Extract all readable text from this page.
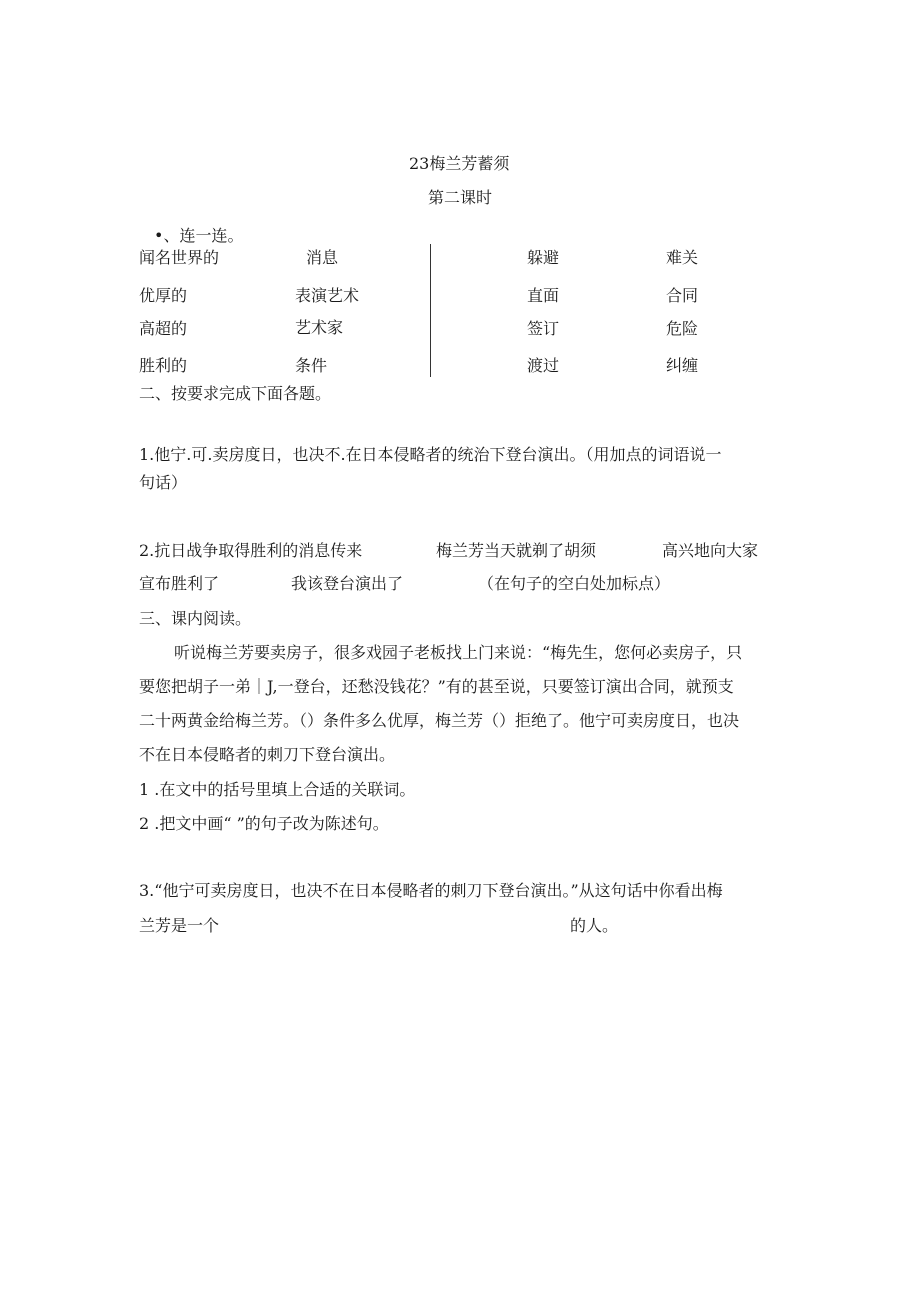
23梅兰芳蓄须
第二课时
•、连一连。
闻名世界的	消息
优厚的	表演艺术
高超的	艺术家
胜利的	条件
躲避	难关
直面	合同
签订	危险
渡过	纠缠
二、按要求完成下面各题。
1.他宁.可.卖房度日，也决不.在日本侵略者的统治下登台演出。（用加点的词语说一
句话）
2.抗日战争取得胜利的消息传来	梅兰芳当天就剃了胡须	高兴地向大家
宣布胜利了	我该登台演出了	（在句子的空白处加标点）
三、课内阅读。
听说梅兰芳要卖房子，很多戏园子老板找上门来说：“梅先生，您何必卖房子，只
要您把胡子一弟｜J,一登台，还愁没钱花？”有的甚至说，只要签订演出合同，就预支
二十两黄金给梅兰芳。（）条件多么优厚，梅兰芳（）拒绝了。他宁可卖房度日，也决
不在日本侵略者的刺刀下登台演出。
1 .在文中的括号里填上合适的关联词。
2 .把文中画“ ”的句子改为陈述句。
3.“他宁可卖房度日，也决不在日本侵略者的刺刀下登台演出。”从这句话中你看出梅
兰芳是一个	的人。
